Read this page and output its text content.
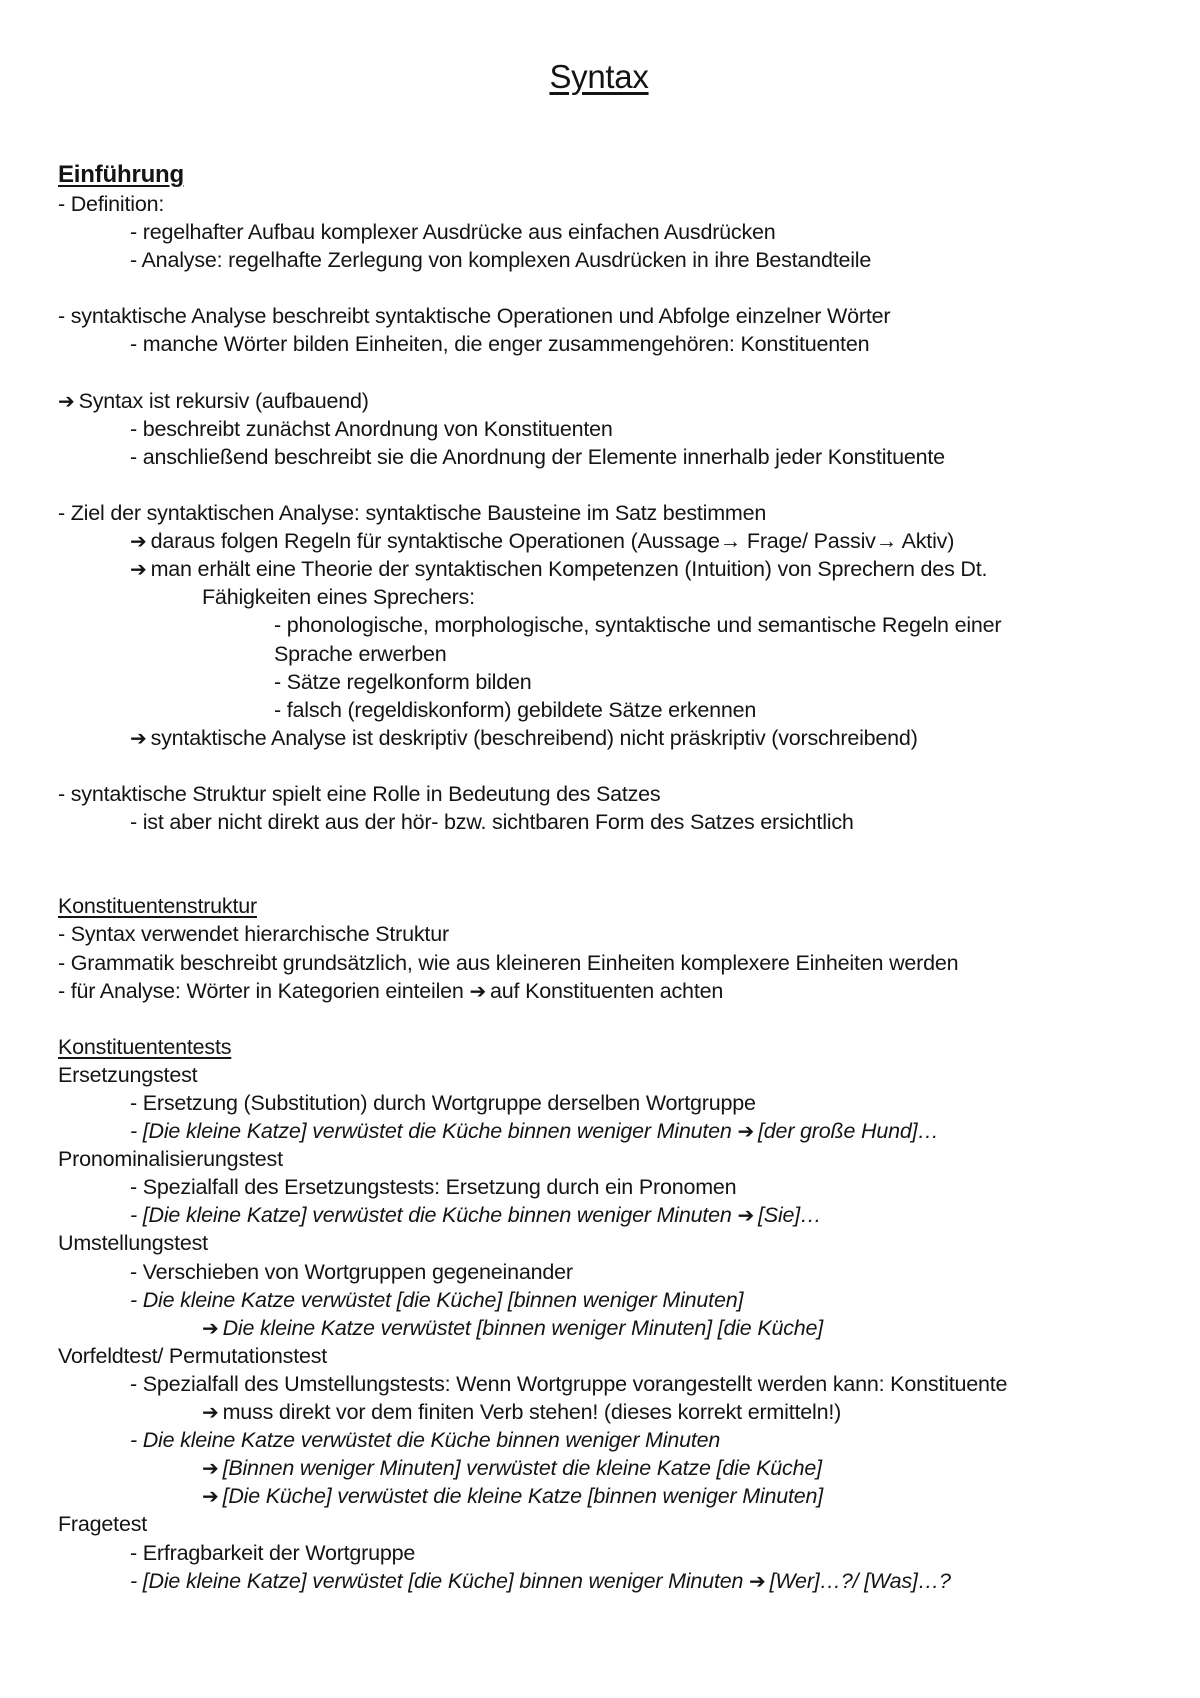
Syntax
Einführung
- Definition:
- regelhafter Aufbau komplexer Ausdrücke aus einfachen Ausdrücken
- Analyse: regelhafte Zerlegung von komplexen Ausdrücken in ihre Bestandteile
- syntaktische Analyse beschreibt syntaktische Operationen und Abfolge einzelner Wörter
- manche Wörter bilden Einheiten, die enger zusammengehören: Konstituenten
➔ Syntax ist rekursiv (aufbauend)
- beschreibt zunächst Anordnung von Konstituenten
- anschließend beschreibt sie die Anordnung der Elemente innerhalb jeder Konstituente
- Ziel der syntaktischen Analyse: syntaktische Bausteine im Satz bestimmen
➔ daraus folgen Regeln für syntaktische Operationen (Aussage→ Frage/ Passiv→ Aktiv)
➔ man erhält eine Theorie der syntaktischen Kompetenzen (Intuition) von Sprechern des Dt.
Fähigkeiten eines Sprechers:
- phonologische, morphologische, syntaktische und semantische Regeln einer
Sprache erwerben
- Sätze regelkonform bilden
- falsch (regeldiskonform) gebildete Sätze erkennen
➔ syntaktische Analyse ist deskriptiv (beschreibend) nicht präskriptiv (vorschreibend)
- syntaktische Struktur spielt eine Rolle in Bedeutung des Satzes
- ist aber nicht direkt aus der hör- bzw. sichtbaren Form des Satzes ersichtlich
Konstituentenstruktur
- Syntax verwendet hierarchische Struktur
- Grammatik beschreibt grundsätzlich, wie aus kleineren Einheiten komplexere Einheiten werden
- für Analyse: Wörter in Kategorien einteilen ➔ auf Konstituenten achten
Konstituententests
Ersetzungstest
- Ersetzung (Substitution) durch Wortgruppe derselben Wortgruppe
- [Die kleine Katze] verwüstet die Küche binnen weniger Minuten ➔ [der große Hund]…
Pronominalisierungstest
- Spezialfall des Ersetzungstests: Ersetzung durch ein Pronomen
- [Die kleine Katze] verwüstet die Küche binnen weniger Minuten ➔ [Sie]…
Umstellungstest
- Verschieben von Wortgruppen gegeneinander
- Die kleine Katze verwüstet [die Küche] [binnen weniger Minuten]
➔ Die kleine Katze verwüstet [binnen weniger Minuten] [die Küche]
Vorfeldtest/ Permutationstest
- Spezialfall des Umstellungstests: Wenn Wortgruppe vorangestellt werden kann: Konstituente
➔ muss direkt vor dem finiten Verb stehen! (dieses korrekt ermitteln!)
- Die kleine Katze verwüstet die Küche binnen weniger Minuten
➔ [Binnen weniger Minuten] verwüstet die kleine Katze [die Küche]
➔ [Die Küche] verwüstet die kleine Katze [binnen weniger Minuten]
Fragetest
- Erfragbarkeit der Wortgruppe
- [Die kleine Katze] verwüstet [die Küche] binnen weniger Minuten ➔ [Wer]…?/ [Was]…?
